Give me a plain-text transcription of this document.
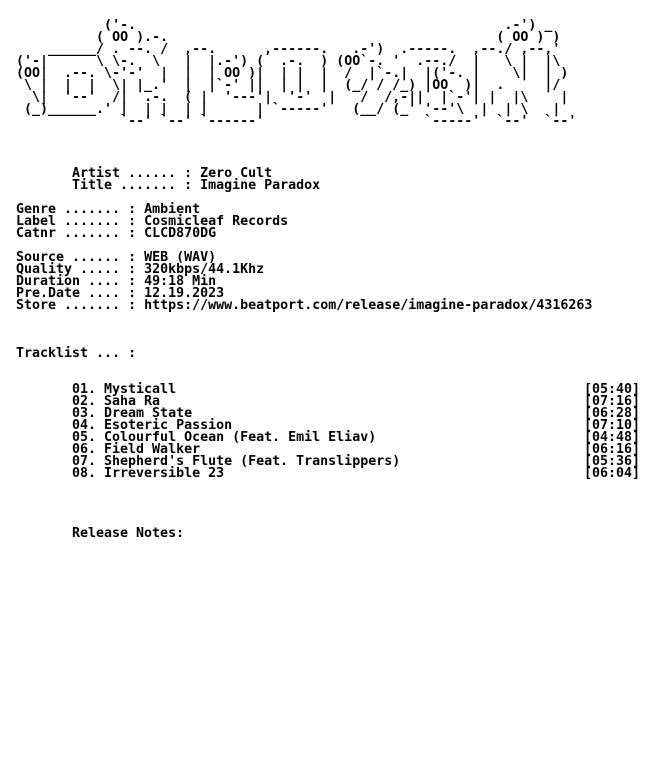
('-.                                              .-') _
( OO ).-.                                         ( OO ) )
______/ . --. /  ,--.      ,------.   .-')  .-----.  ,--./ ,--,'
('-|      \ \-.  \   |  |.-') (  .-.  ) (OO`-. '  .--./  |   \ |  |\
(OO|  .--. \-'-'  |  |  | OO )|  | |  |  /  |`-.|  |('-. |    \|  | )
\ |  |  |  \| |_.'  |  |`-' ||  | |  |  (_/ / /_) |OO  )|  .     |/
\|  '--'  /|  .-.  ( |  '---'|  '-'  |   /  /,-||  |`-'| |  |\    |
(_)______.' |  | |  | |      | `-----'   (__/ (_' '--'\  |  | \   |
`--' `--' `------'                    `-----'  `--'  `--'
Artist ...... : Zero Cult
Title ....... : Imagine Paradox
Genre ....... : Ambient
Label ....... : Cosmicleaf Records
Catnr ....... : CLCD870DG
Source ...... : WEB (WAV)
Quality ..... : 320kbps/44.1Khz
Duration .... : 49:18 Min
Pre.Date .... : 12.19.2023
Store ....... : https://www.beatport.com/release/imagine-paradox/4316263
Tracklist ... :
01. Mysticall	[05:40]
02. Saha Ra	[07:16]
03. Dream State	[06:28]
04. Esoteric Passion	[07:10]
05. Colourful Ocean (Feat. Emil Eliav)	[04:48]
06. Field Walker	[06:16]
07. Shepherd's Flute (Feat. Translippers)	[05:36]
08. Irreversible 23	[06:04]
Release Notes:
